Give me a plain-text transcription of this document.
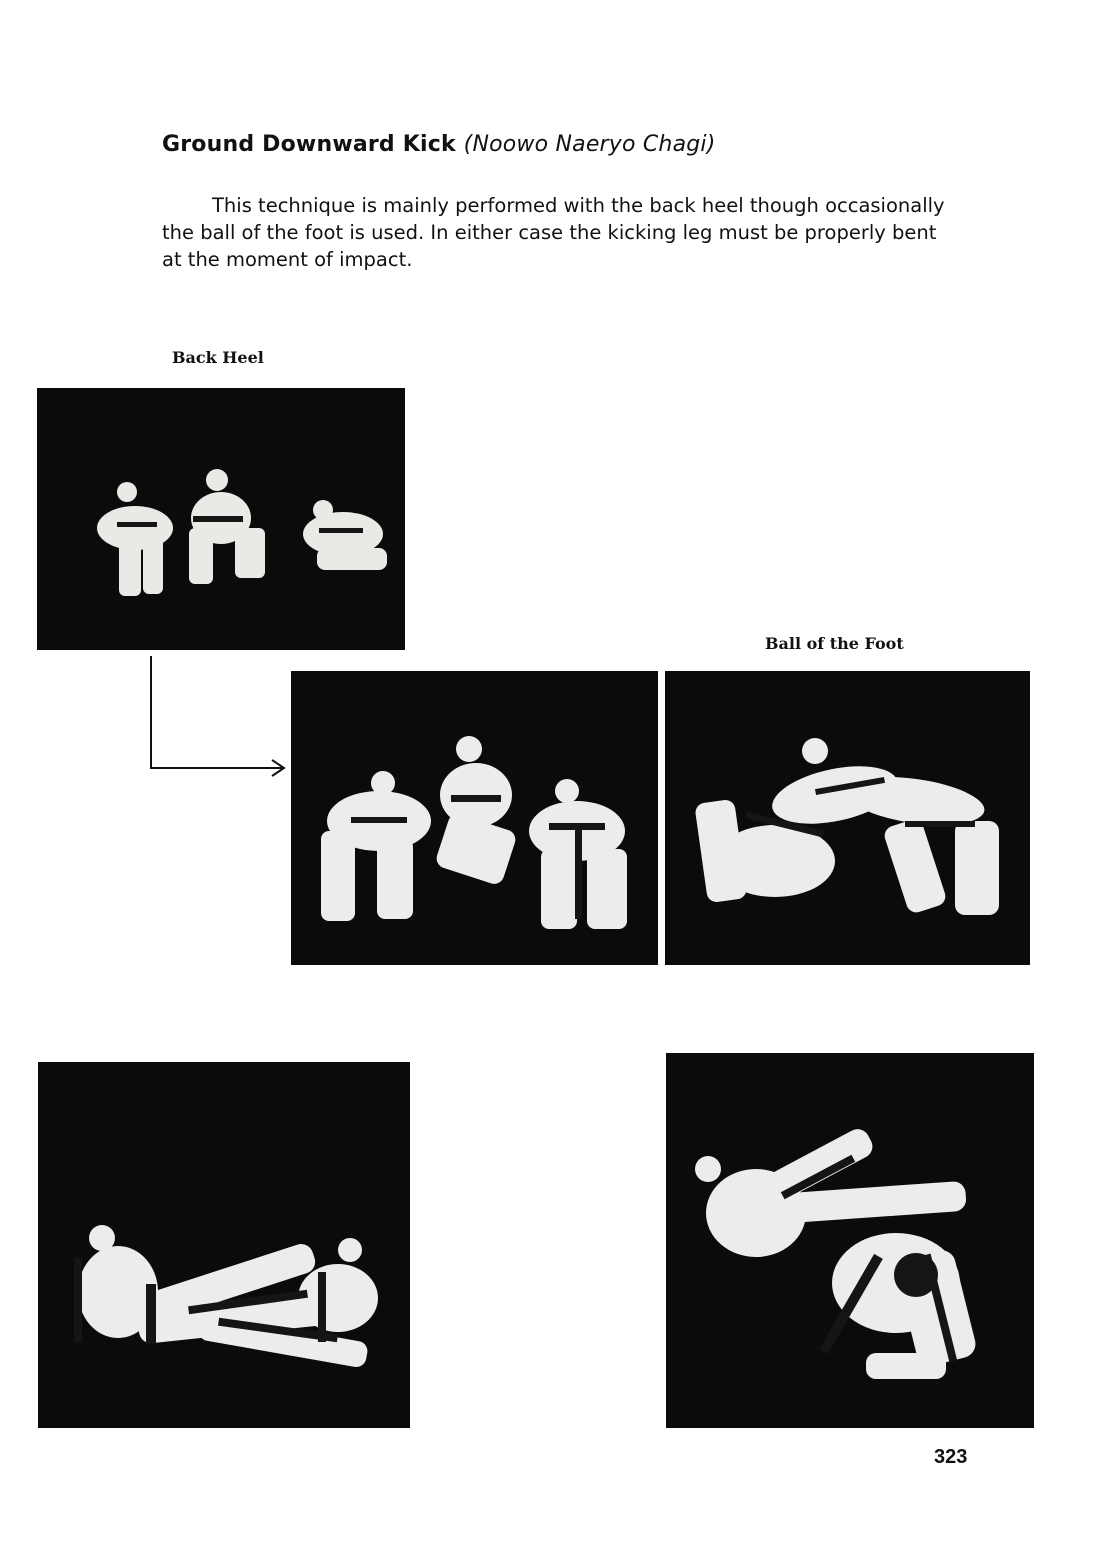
Ground Downward Kick (Noowo Naeryo Chagi)

This technique is mainly performed with the back heel though occasionally the ball of the foot is used. In either case the kicking leg must be properly bent at the moment of impact.

Back Heel
Ball of the Foot
323
